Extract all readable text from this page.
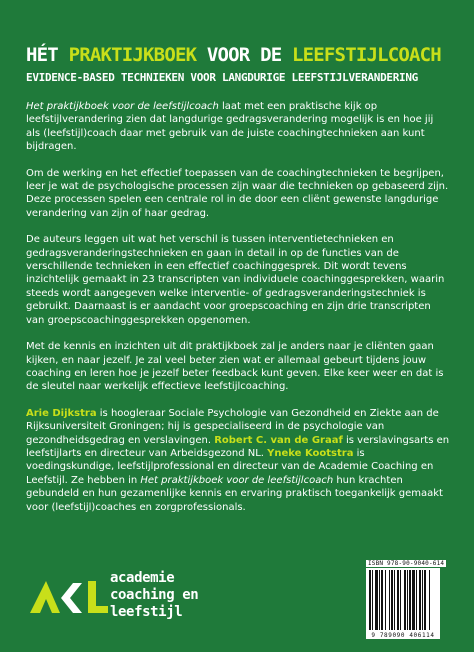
HÉT PRAKTIJKBOEK VOOR DE LEEFSTIJLCOACH
EVIDENCE-BASED TECHNIEKEN VOOR LANGDURIGE LEEFSTIJLVERANDERING

Het praktijkboek voor de leefstijlcoach laat met een praktische kijk op leefstijlverandering zien dat langdurige gedragsverandering mogelijk is en hoe jij als (leefstijl)coach daar met gebruik van de juiste coachingtechnieken aan kunt bijdragen.

Om de werking en het effectief toepassen van de coachingtechnieken te begrijpen, leer je wat de psychologische processen zijn waar die technieken op gebaseerd zijn. Deze processen spelen een centrale rol in de door een cliënt gewenste langdurige verandering van zijn of haar gedrag.

De auteurs leggen uit wat het verschil is tussen interventietechnieken en gedragsveranderingstechnieken en gaan in detail in op de functies van de verschillende technieken in een effectief coachinggesprek. Dit wordt tevens inzichtelijk gemaakt in 23 transcripten van individuele coachinggesprekken, waarin steeds wordt aangegeven welke interventie- of gedragsveranderingstechniek is gebruikt. Daarnaast is er aandacht voor groepscoaching en zijn drie transcripten van groepscoachinggesprekken opgenomen.

Met de kennis en inzichten uit dit praktijkboek zal je anders naar je cliënten gaan kijken, en naar jezelf. Je zal veel beter zien wat er allemaal gebeurt tijdens jouw coaching en leren hoe je jezelf beter feedback kunt geven. Elke keer weer en dat is de sleutel naar werkelijk effectieve leefstijlcoaching.

Arie Dijkstra is hoogleraar Sociale Psychologie van Gezondheid en Ziekte aan de Rijksuniversiteit Groningen; hij is gespecialiseerd in de psychologie van gezondheidsgedrag en verslavingen. Robert C. van de Graaf is verslavingsarts en leefstijlarts en directeur van Arbeidsgezond NL. Yneke Kootstra is voedingskundige, leefstijlprofessional en directeur van de Academie Coaching en Leefstijl. Ze hebben in Het praktijkboek voor de leefstijlcoach hun krachten gebundeld en hun gezamenlijke kennis en ervaring praktisch toegankelijk gemaakt voor (leefstijl)coaches en zorgprofessionals.

academie
coaching en
leefstijl
ISBN 978-90-9040-614
9 789090 406114
